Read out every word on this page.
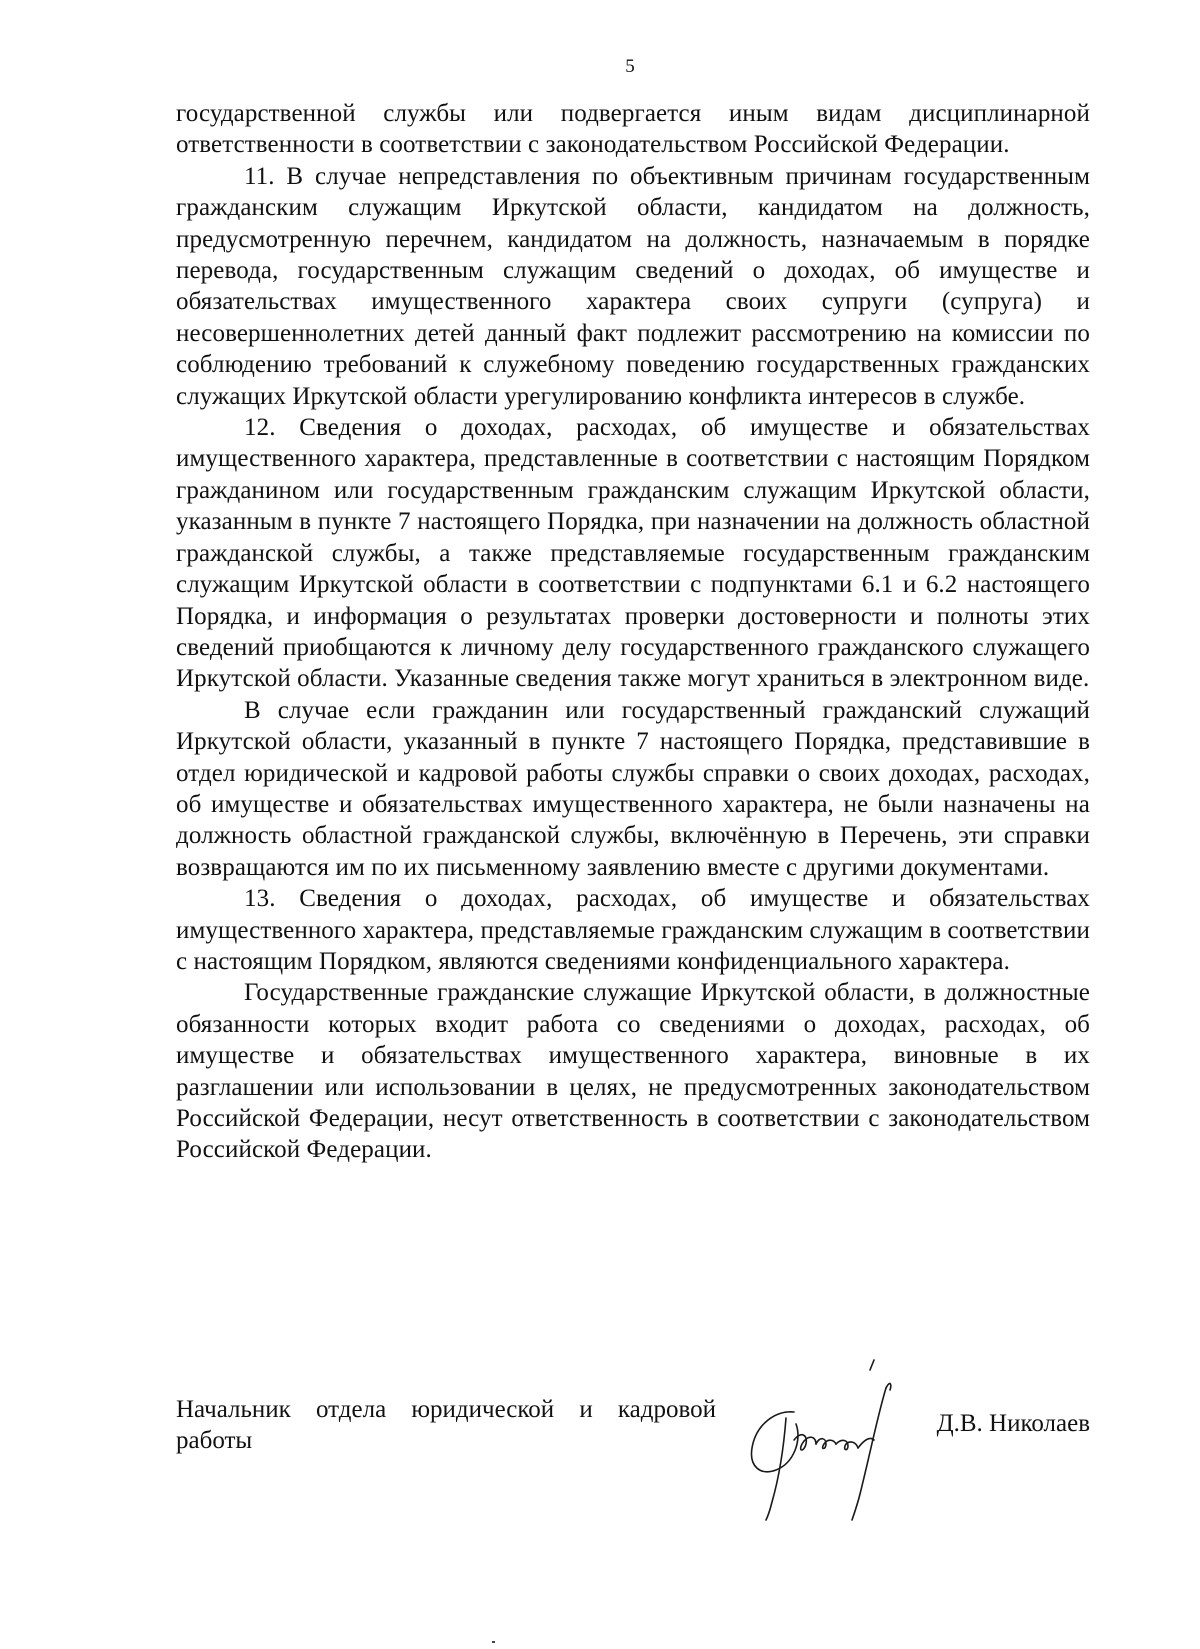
5

государственной службы или подвергается иным видам дисциплинарной ответственности в соответствии с законодательством Российской Федерации.

11. В случае непредставления по объективным причинам государственным гражданским служащим Иркутской области, кандидатом на должность, предусмотренную перечнем, кандидатом на должность, назначаемым в порядке перевода, государственным служащим сведений о доходах, об имуществе и обязательствах имущественного характера своих супруги (супруга) и несовершеннолетних детей данный факт подлежит рассмотрению на комиссии по соблюдению требований к служебному поведению государственных гражданских служащих Иркутской области урегулированию конфликта интересов в службе.

12. Сведения о доходах, расходах, об имуществе и обязательствах имущественного характера, представленные в соответствии с настоящим Порядком гражданином или государственным гражданским служащим Иркутской области, указанным в пункте 7 настоящего Порядка, при назначении на должность областной гражданской службы, а также представляемые государственным гражданским служащим Иркутской области в соответствии с подпунктами 6.1 и 6.2 настоящего Порядка, и информация о результатах проверки достоверности и полноты этих сведений приобщаются к личному делу государственного гражданского служащего Иркутской области. Указанные сведения также могут храниться в электронном виде.

В случае если гражданин или государственный гражданский служащий Иркутской области, указанный в пункте 7 настоящего Порядка, представившие в отдел юридической и кадровой работы службы справки о своих доходах, расходах, об имуществе и обязательствах имущественного характера, не были назначены на должность областной гражданской службы, включённую в Перечень, эти справки возвращаются им по их письменному заявлению вместе с другими документами.

13. Сведения о доходах, расходах, об имуществе и обязательствах имущественного характера, представляемые гражданским служащим в соответствии с настоящим Порядком, являются сведениями конфиденциального характера.

Государственные гражданские служащие Иркутской области, в должностные обязанности которых входит работа со сведениями о доходах, расходах, об имуществе и обязательствах имущественного характера, виновные в их разглашении или использовании в целях, не предусмотренных законодательством Российской Федерации, несут ответственность в соответствии с законодательством Российской Федерации.

Начальник отдела юридической и кадровой работы
Д.В. Николаев
